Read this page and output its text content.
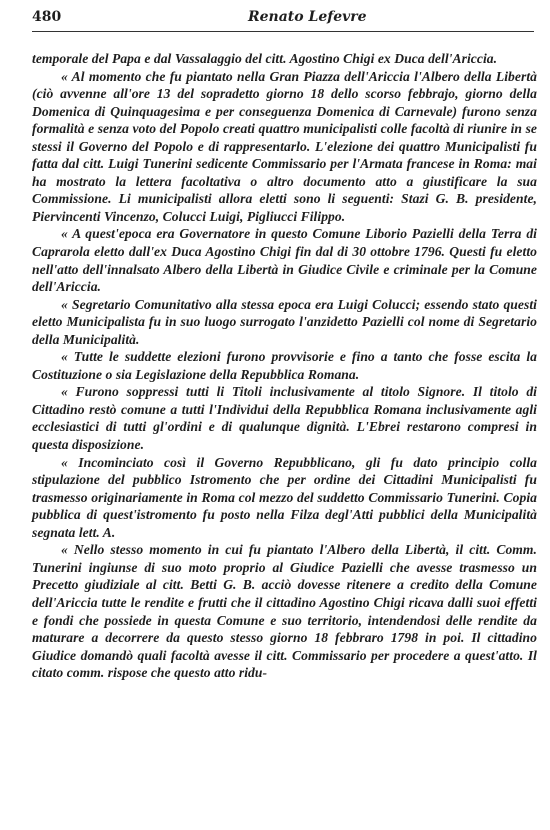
480	Renato Lefevre

temporale del Papa e dal Vassalaggio del citt. Agostino Chigi ex Duca dell'Ariccia.

« Al momento che fu piantato nella Gran Piazza dell'Ariccia l'Albero della Libertà (ciò avvenne all'ore 13 del sopradetto giorno 18 dello scorso febbrajo, giorno della Domenica di Quinquagesima e per conseguenza Domenica di Carnevale) furono senza formalità e senza voto del Popolo creati quattro municipalisti colle facoltà di riunire in se stessi il Governo del Popolo e di rappresentarlo. L'elezione dei quattro Municipalisti fu fatta dal citt. Luigi Tunerini sedicente Commissario per l'Armata francese in Roma: mai ha mostrato la lettera facoltativa o altro documento atto a giustificare la sua Commissione. Li municipalisti allora eletti sono li seguenti: Stazi G. B. presidente, Piervincenti Vincenzo, Colucci Luigi, Pigliucci Filippo.

« A quest'epoca era Governatore in questo Comune Liborio Pazielli della Terra di Caprarola eletto dall'ex Duca Agostino Chigi fin dal di 30 ottobre 1796. Questi fu eletto nell'atto dell'innalsato Albero della Libertà in Giudice Civile e criminale per la Comune dell'Ariccia.

« Segretario Comunitativo alla stessa epoca era Luigi Colucci; essendo stato questi eletto Municipalista fu in suo luogo surrogato l'anzidetto Pazielli col nome di Segretario della Municipalità.

« Tutte le suddette elezioni furono provvisorie e fino a tanto che fosse escita la Costituzione o sia Legislazione della Repubblica Romana.

« Furono soppressi tutti li Titoli inclusivamente al titolo Signore. Il titolo di Cittadino restò comune a tutti l'Individui della Repubblica Romana inclusivamente agli ecclesiastici di tutti gl'ordini e di qualunque dignità. L'Ebrei restarono compresi in questa disposizione.

« Incominciato così il Governo Repubblicano, gli fu dato principio colla stipulazione del pubblico Istromento che per ordine dei Cittadini Municipalisti fu trasmesso originariamente in Roma col mezzo del suddetto Commissario Tunerini. Copia pubblica di quest'istromento fu posto nella Filza degl'Atti pubblici della Municipalità segnata lett. A.

« Nello stesso momento in cui fu piantato l'Albero della Libertà, il citt. Comm. Tunerini ingiunse di suo moto proprio al Giudice Pazielli che avesse trasmesso un Precetto giudiziale al citt. Betti G. B. acciò dovesse ritenere a credito della Comune dell'Ariccia tutte le rendite e frutti che il cittadino Agostino Chigi ricava dalli suoi effetti e fondi che possiede in questa Comune e suo territorio, intendendosi delle rendite da maturare a decorrere da questo stesso giorno 18 febbraro 1798 in poi. Il cittadino Giudice domandò quali facoltà avesse il citt. Commissario per procedere a quest'atto. Il citato comm. rispose che questo atto ridu-
